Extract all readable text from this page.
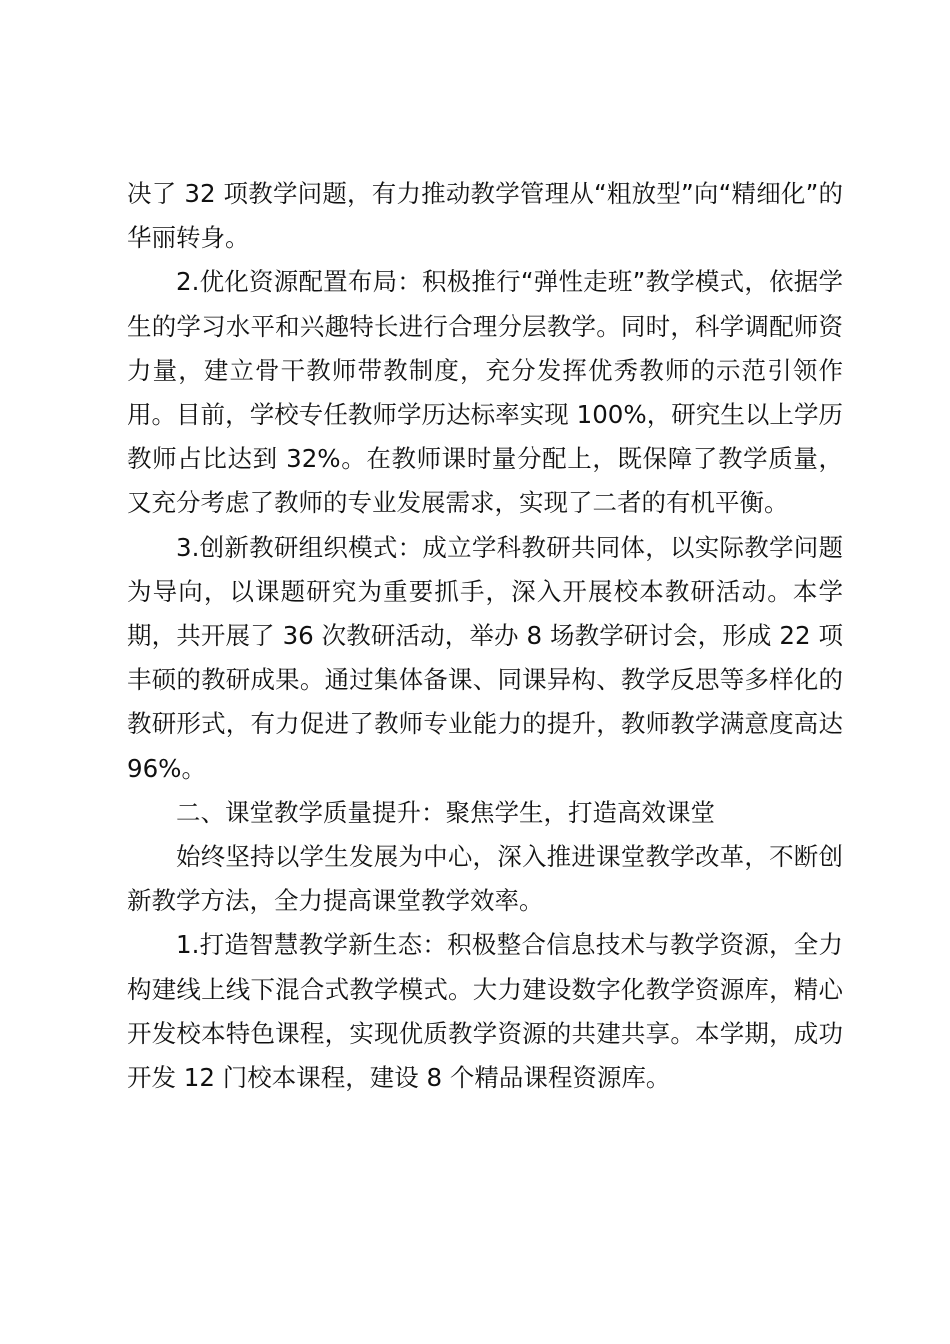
决了 32 项教学问题，有力推动教学管理从“粗放型”向“精细化”的华丽转身。

2.优化资源配置布局：积极推行“弹性走班”教学模式，依据学生的学习水平和兴趣特长进行合理分层教学。同时，科学调配师资力量，建立骨干教师带教制度，充分发挥优秀教师的示范引领作用。目前，学校专任教师学历达标率实现 100%，研究生以上学历教师占比达到 32%。在教师课时量分配上，既保障了教学质量，又充分考虑了教师的专业发展需求，实现了二者的有机平衡。

3.创新教研组织模式：成立学科教研共同体，以实际教学问题为导向，以课题研究为重要抓手，深入开展校本教研活动。本学期，共开展了 36 次教研活动，举办 8 场教学研讨会，形成 22 项丰硕的教研成果。通过集体备课、同课异构、教学反思等多样化的教研形式，有力促进了教师专业能力的提升，教师教学满意度高达 96%。

二、课堂教学质量提升：聚焦学生，打造高效课堂

始终坚持以学生发展为中心，深入推进课堂教学改革，不断创新教学方法，全力提高课堂教学效率。

1.打造智慧教学新生态：积极整合信息技术与教学资源，全力构建线上线下混合式教学模式。大力建设数字化教学资源库，精心开发校本特色课程，实现优质教学资源的共建共享。本学期，成功开发 12 门校本课程，建设 8 个精品课程资源库。
